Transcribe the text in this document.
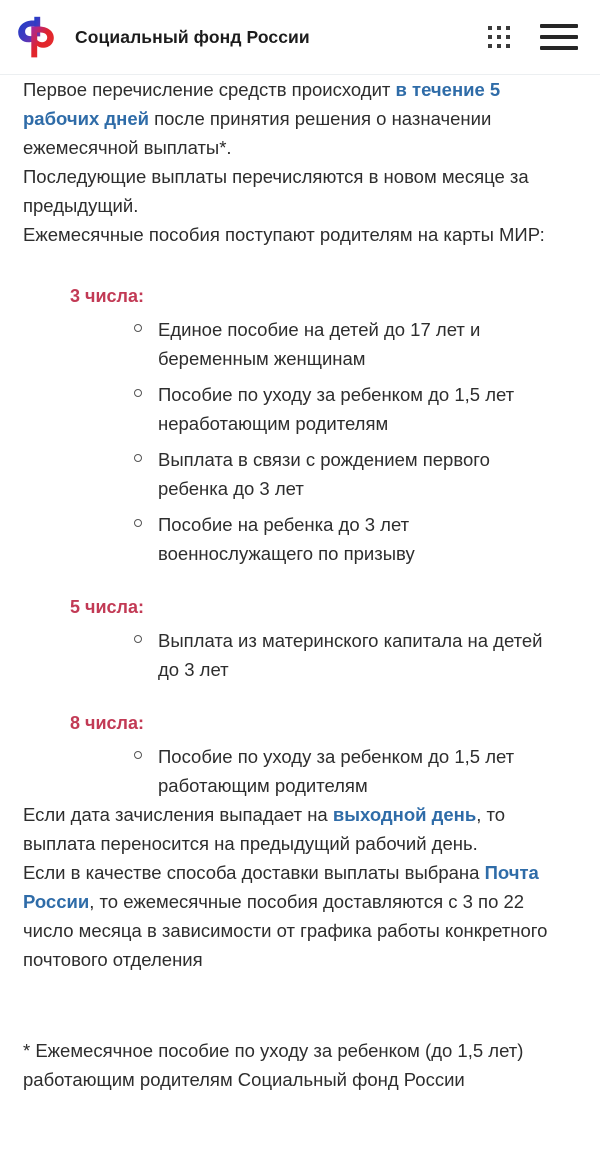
Социальный фонд России

Первое перечисление средств происходит в течение 5 рабочих дней после принятия решения о назначении ежемесячной выплаты*.

Последующие выплаты перечисляются в новом месяце за предыдущий.

Ежемесячные пособия поступают родителям на карты МИР:

3 числа:
Единое пособие на детей до 17 лет и беременным женщинам
Пособие по уходу за ребенком до 1,5 лет неработающим родителям
Выплата в связи с рождением первого ребенка до 3 лет
Пособие на ребенка до 3 лет военнослужащего по призыву
5 числа:
Выплата из материнского капитала на детей до 3 лет
8 числа:
Пособие по уходу за ребенком до 1,5 лет работающим родителям

Если дата зачисления выпадает на выходной день, то выплата переносится на предыдущий рабочий день.

Если в качестве способа доставки выплаты выбрана Почта России, то ежемесячные пособия доставляются с 3 по 22 число месяца в зависимости от графика работы конкретного почтового отделения

* Ежемесячное пособие по уходу за ребенком (до 1,5 лет) работающим родителям Социальный фонд России
